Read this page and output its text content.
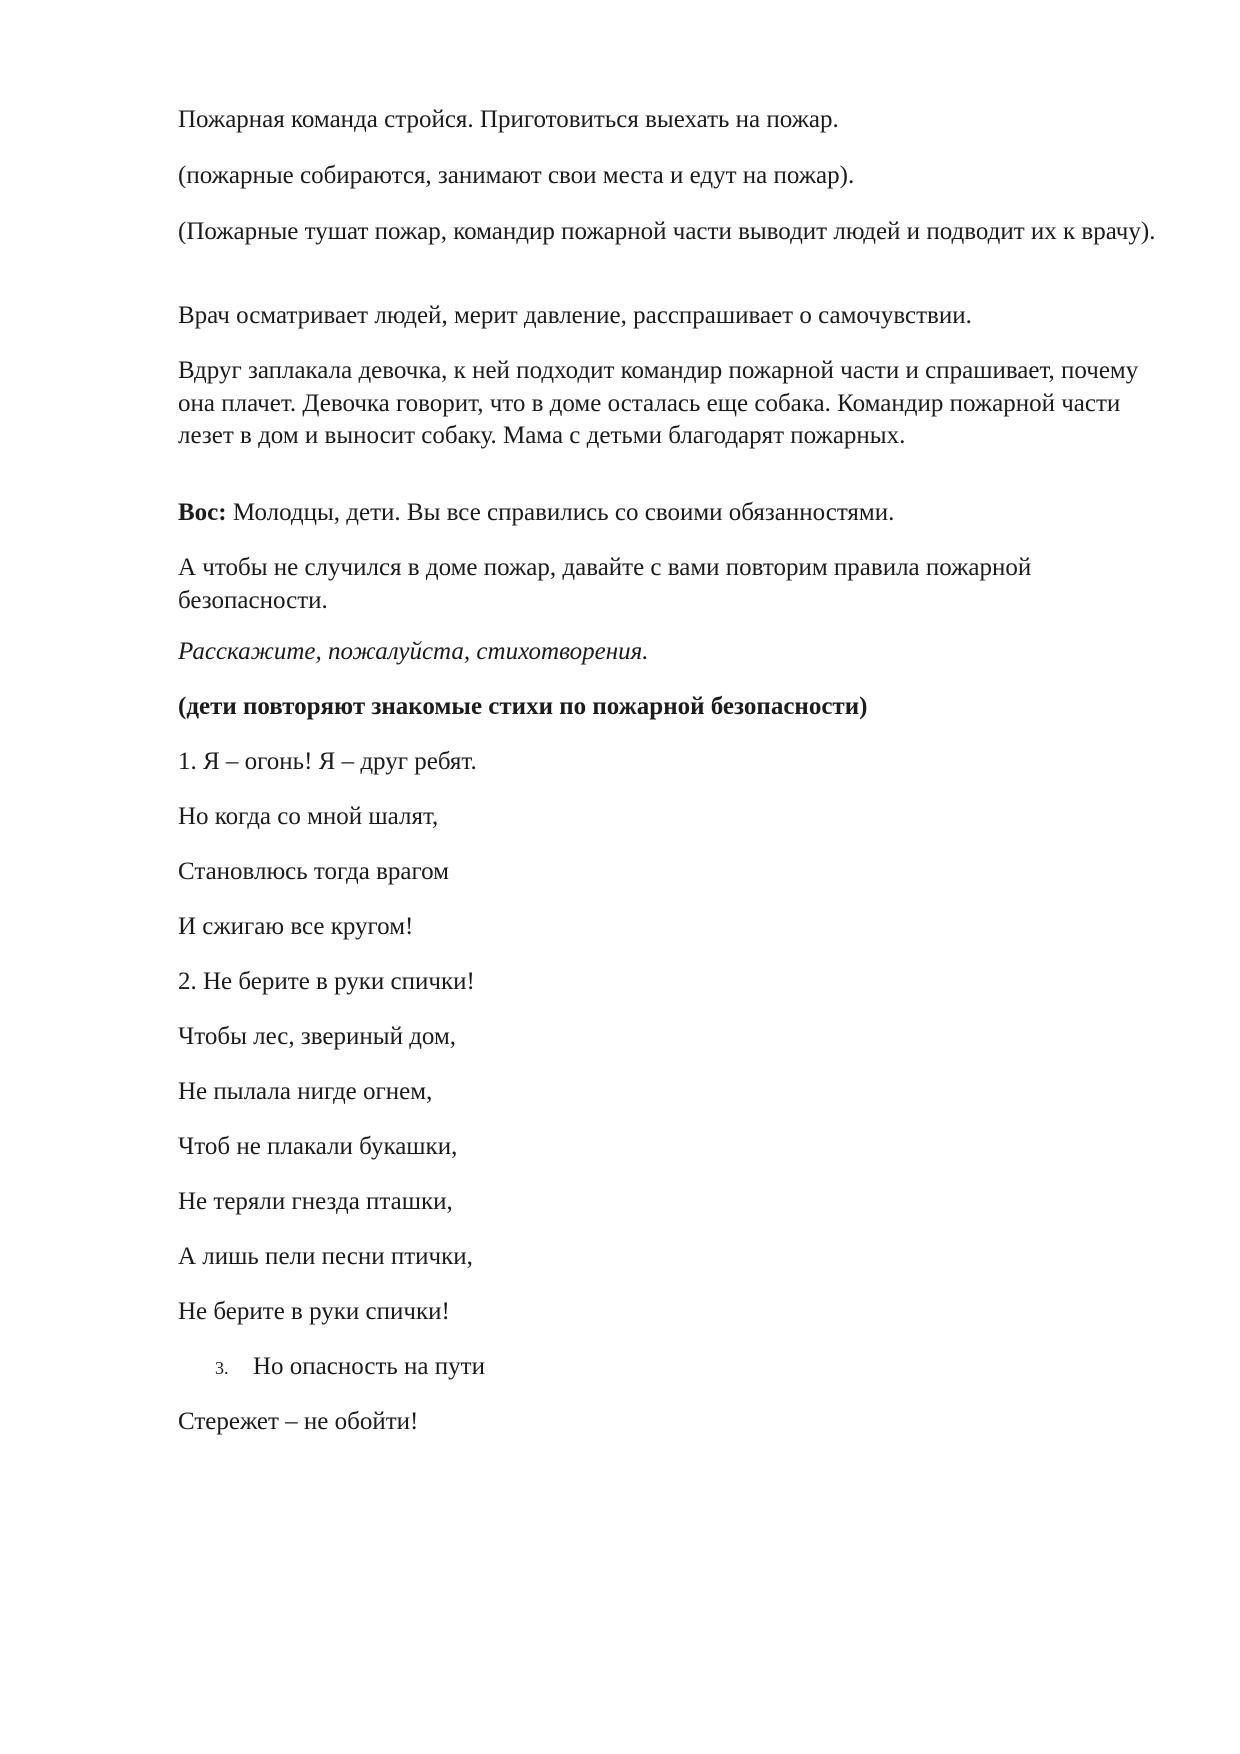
Пожарная команда стройся. Приготовиться выехать на пожар.

(пожарные собираются, занимают свои места и едут на пожар).

(Пожарные тушат пожар, командир пожарной части выводит людей и подводит их к врачу).

Врач осматривает людей, мерит давление, расспрашивает о самочувствии.

Вдруг заплакала девочка, к ней подходит командир пожарной части и спрашивает, почему она плачет. Девочка говорит, что в доме осталась еще собака. Командир пожарной части лезет в дом и выносит собаку. Мама с детьми благодарят пожарных.

Вос: Молодцы, дети. Вы все справились со своими обязанностями.

А чтобы не случился в доме пожар, давайте с вами повторим правила пожарной безопасности.

Расскажите, пожалуйста, стихотворения.

(дети повторяют знакомые стихи по пожарной безопасности)

1. Я – огонь! Я – друг ребят.

Но когда со мной шалят,

Становлюсь тогда врагом

И сжигаю все кругом!

2. Не берите в руки спички!

Чтобы лес, звериный дом,

Не пылала нигде огнем,

Чтоб не плакали букашки,

Не теряли гнезда пташки,

А лишь пели песни птички,

Не берите в руки спички!

3. Но опасность на пути

Стережет – не обойти!
